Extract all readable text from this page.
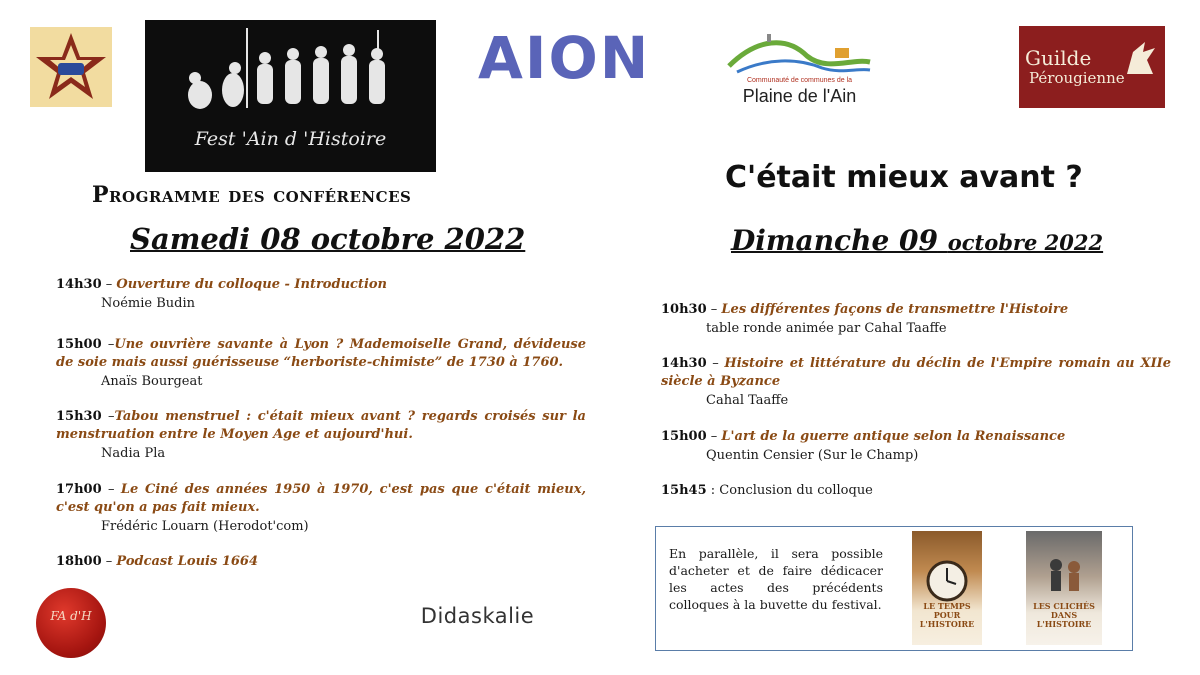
Fest 'Ain d 'Histoire
AION	Communauté de communes de la
Plaine de l'Ain
Guilde
Pérougienne
FA d'H	Didaskalie
Programme des conférences
Samedi 08 octobre 2022
C'était mieux avant ?
Dimanche 09 octobre 2022
14h30 – Ouverture du colloque - Introduction
Noémie Budin
15h00 –Une ouvrière savante à Lyon ? Mademoiselle Grand, dévideuse de soie mais aussi guérisseuse “herboriste-chimiste” de 1730 à 1760.
Anaïs Bourgeat
15h30 –Tabou menstruel : c'était mieux avant ? regards croisés sur la menstruation entre le Moyen Age et aujourd'hui.
Nadia Pla
17h00 – Le Ciné des années 1950 à 1970, c'est pas que c'était mieux, c'est qu'on a pas fait mieux.
Frédéric Louarn (Herodot'com)
18h00 – Podcast Louis 1664
10h30 – Les différentes façons de transmettre l'Histoire
table ronde animée par Cahal Taaffe
14h30 – Histoire et littérature du déclin de l'Empire romain au XIIe siècle à Byzance
Cahal Taaffe
15h00 – L'art de la guerre antique selon la Renaissance
Quentin Censier (Sur le Champ)
15h45 : Conclusion du colloque
En parallèle, il sera possible d'acheter et de faire dédicacer les actes des précédents colloques à la buvette du festival.	LE TEMPS POUR L'HISTOIRE
LES CLICHÉS DANS L'HISTOIRE
